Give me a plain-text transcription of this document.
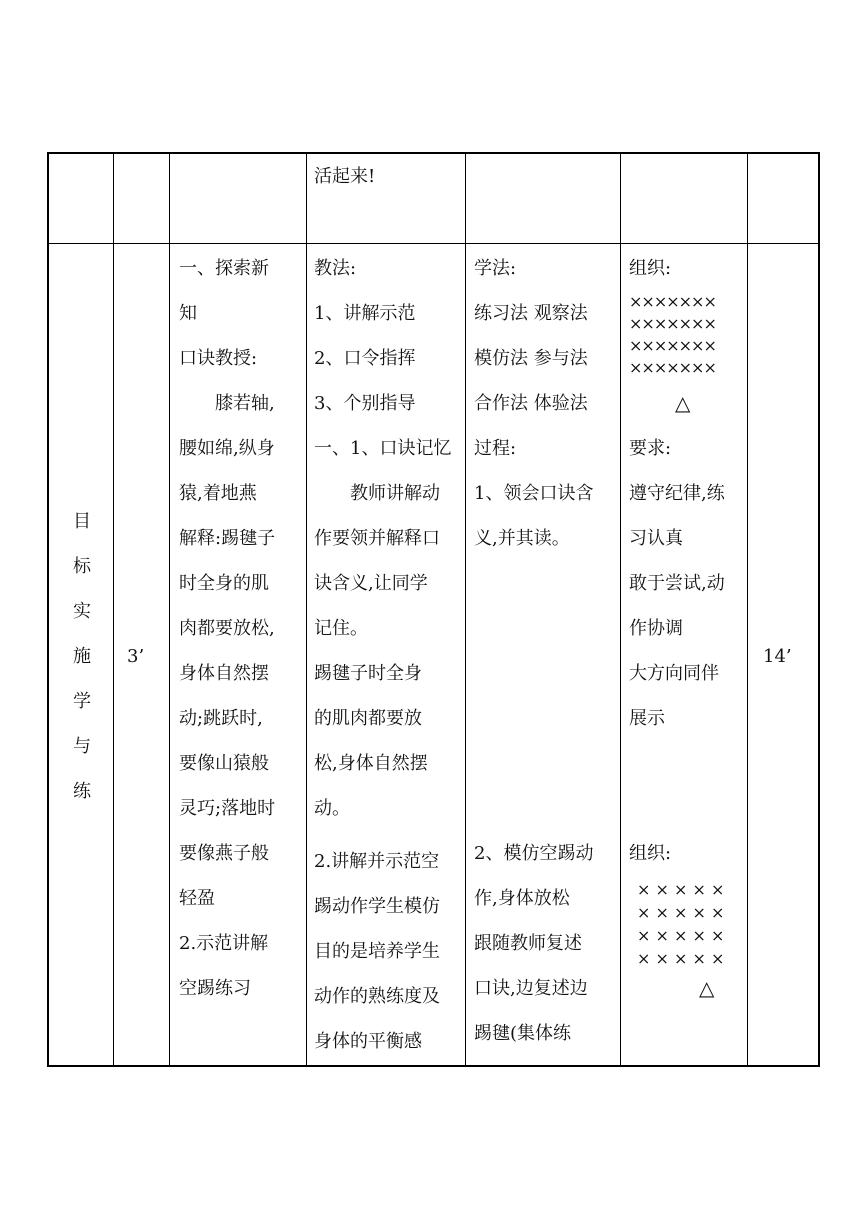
活起来!
目
标
实
施
学
与
练
3’
一、探索新
知
口诀教授:
　　膝若轴,
腰如绵,纵身
猿,着地燕
解释:踢毽子
时全身的肌
肉都要放松,
身体自然摆
动;跳跃时,
要像山猿般
灵巧;落地时
要像燕子般
轻盈
2.示范讲解
空踢练习
教法:
1、讲解示范
2、口令指挥
3、个别指导
一、1、口诀记忆
　　教师讲解动
作要领并解释口
诀含义,让同学
记住。
踢毽子时全身
的肌肉都要放
松,身体自然摆
动。
2.讲解并示范空
踢动作学生模仿
目的是培养学生
动作的熟练度及
身体的平衡感
学法:
练习法 观察法
模仿法 参与法
合作法 体验法
过程:
1、领会口诀含
义,并其读。
2、模仿空踢动
作,身体放松
跟随教师复述
口诀,边复述边
踢毽(集体练
组织:
×××××××
×××××××
×××××××
×××××××
△
要求:
遵守纪律,练
习认真
敢于尝试,动
作协调
大方向同伴
展示
组织:
× × × × ×
× × × × ×
× × × × ×
× × × × ×
△
14’
